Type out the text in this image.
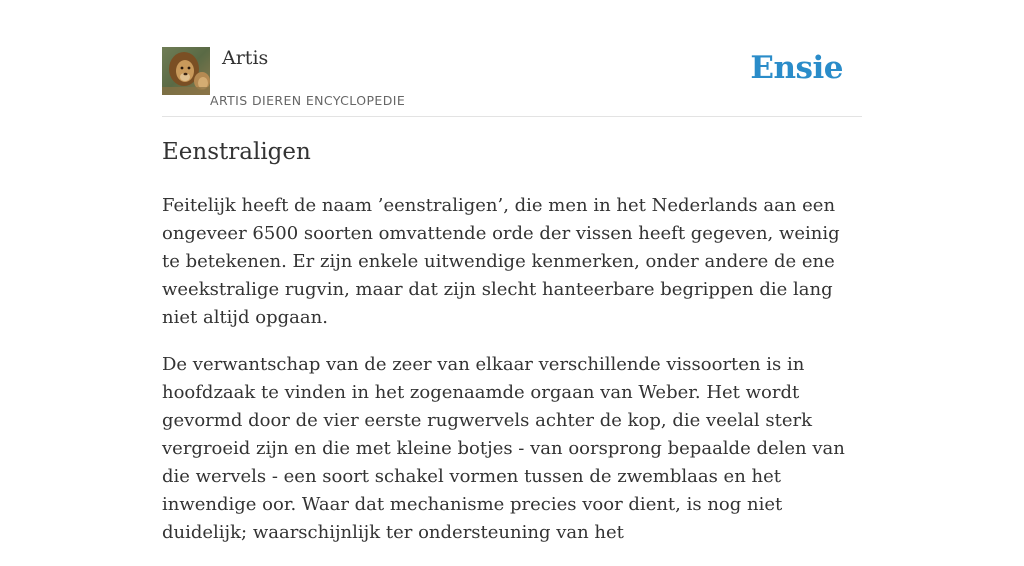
Artis
ARTIS DIEREN ENCYCLOPEDIE
Ensie
Eenstraligen

Feitelijk heeft de naam ’eenstraligen’, die men in het Nederlands aan een ongeveer 6500 soorten omvattende orde der vissen heeft gegeven, weinig te betekenen. Er zijn enkele uitwendige kenmerken, onder andere de ene weekstralige rugvin, maar dat zijn slecht hanteerbare begrippen die lang niet altijd opgaan.

De verwantschap van de zeer van elkaar verschillende vissoorten is in hoofdzaak te vinden in het zogenaamde orgaan van Weber. Het wordt gevormd door de vier eerste rugwervels achter de kop, die veelal sterk vergroeid zijn en die met kleine botjes - van oorsprong bepaalde delen van die wervels - een soort schakel vormen tussen de zwemblaas en het inwendige oor. Waar dat mechanisme precies voor dient, is nog niet duidelijk; waarschijnlijk ter ondersteuning van het
